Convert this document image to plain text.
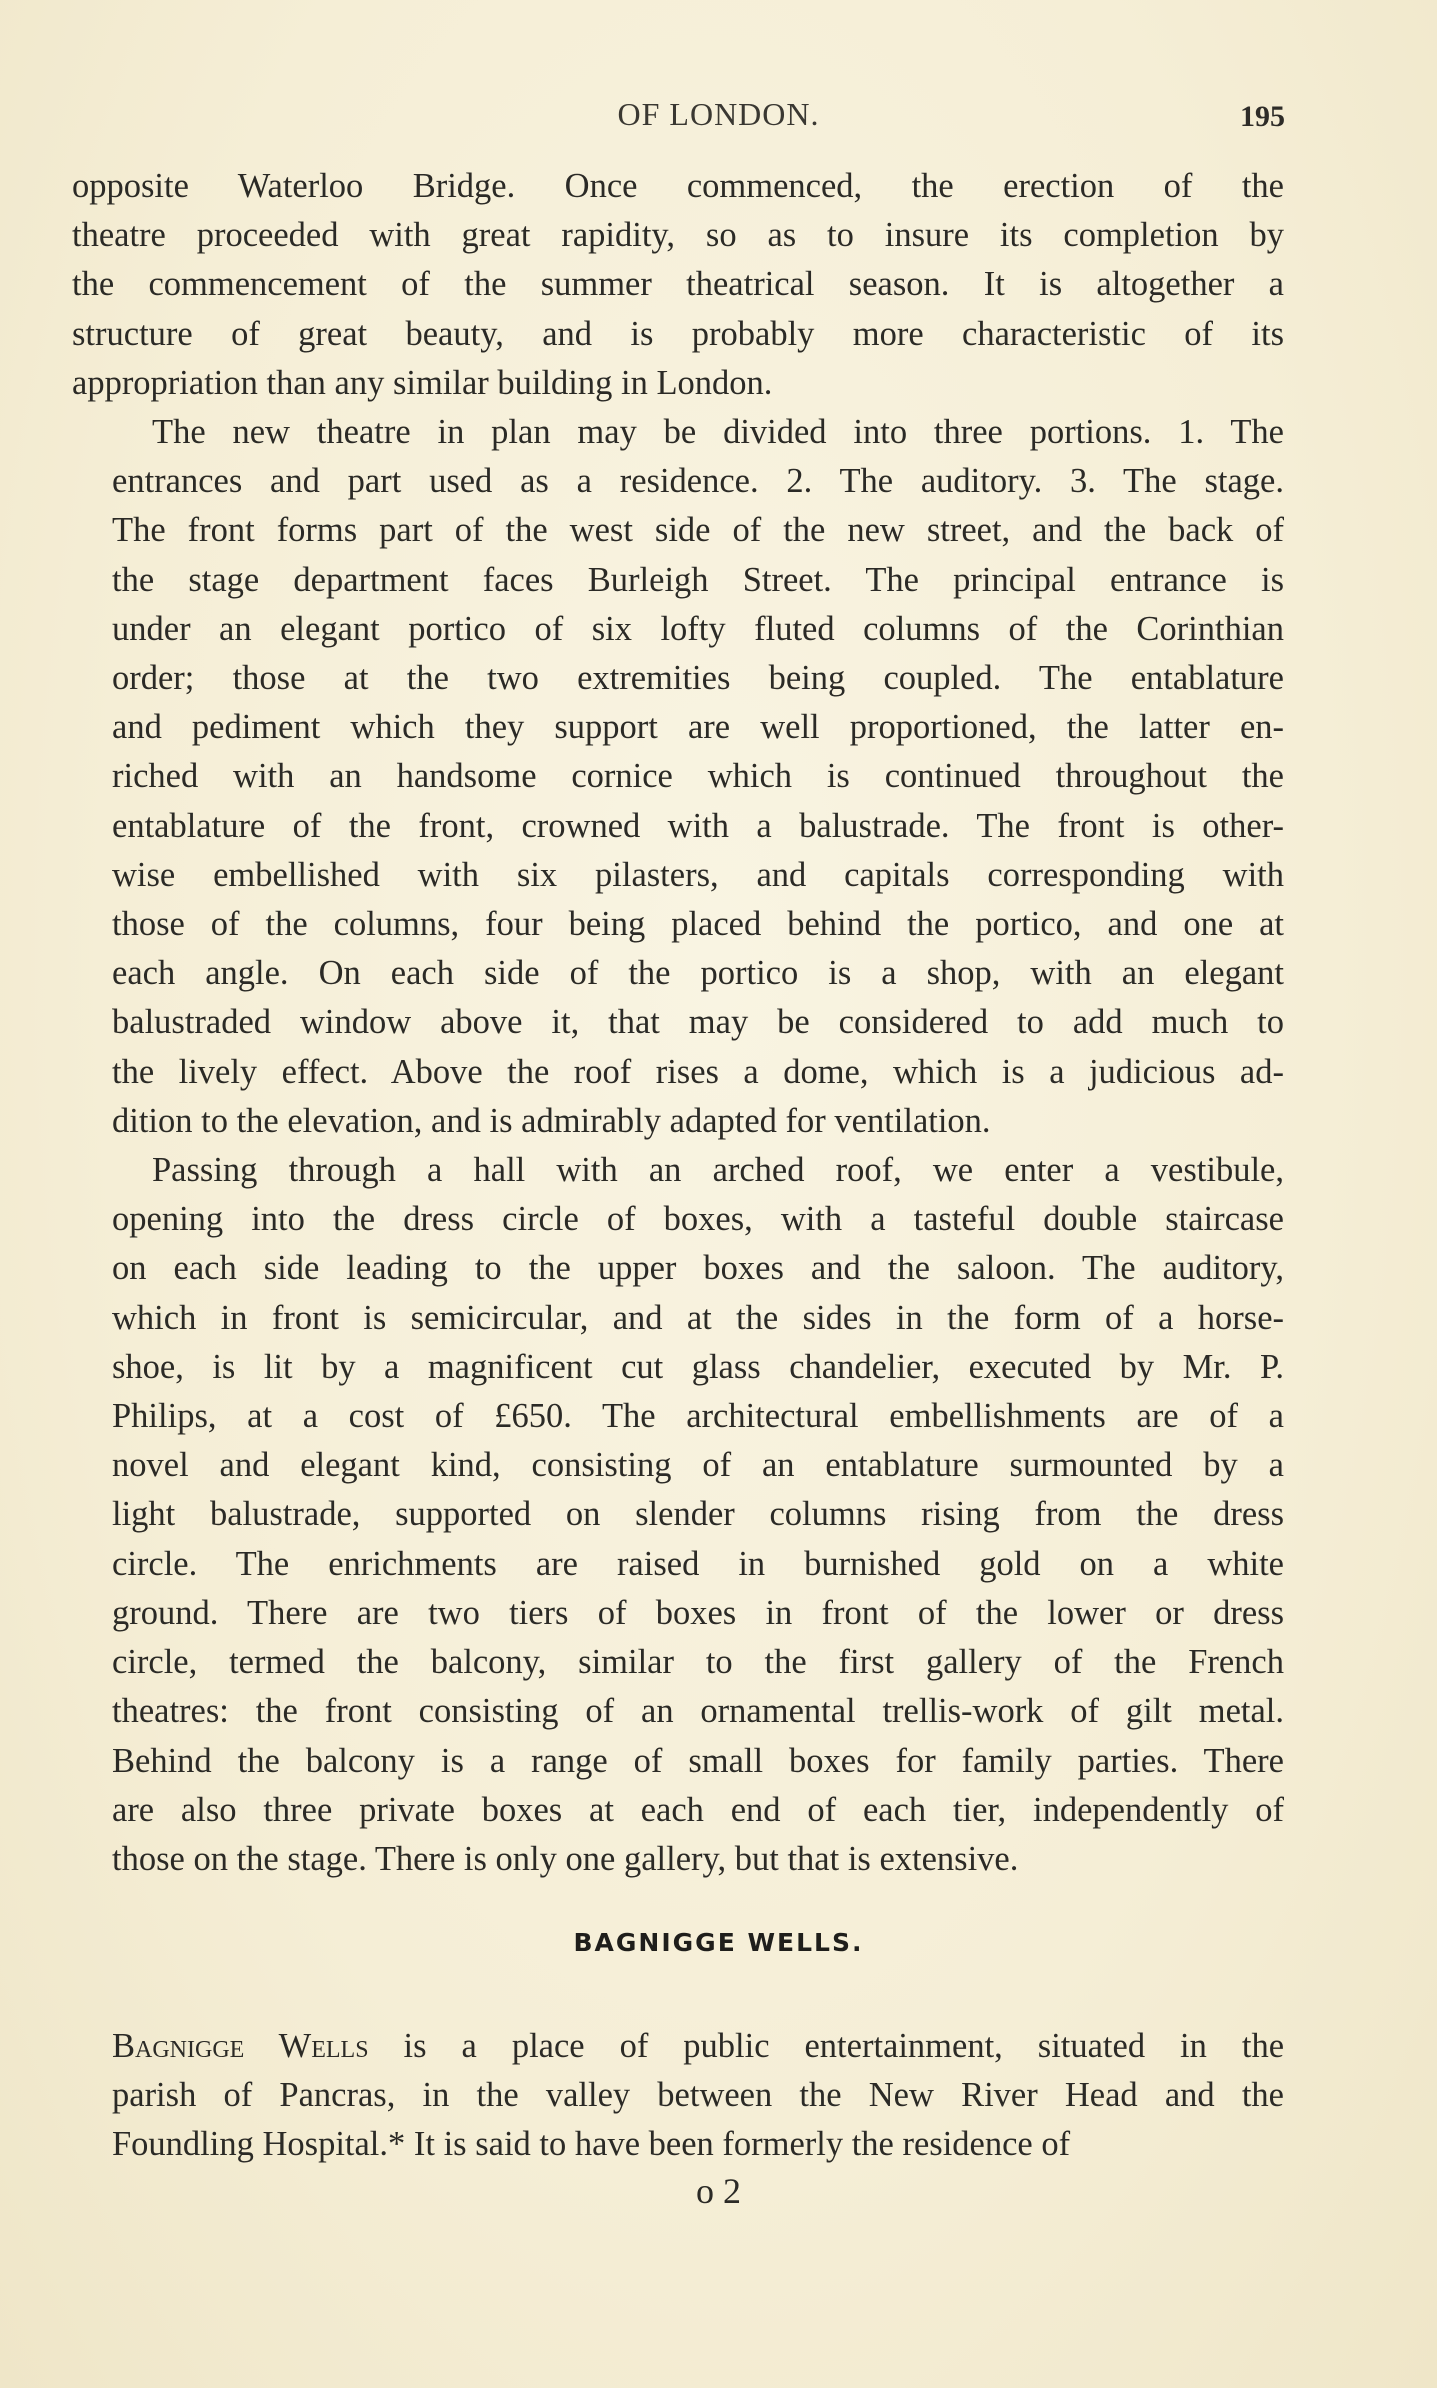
OF LONDON.	195

opposite Waterloo Bridge. Once commenced, the erection of the
theatre proceeded with great rapidity, so as to insure its completion by
the commencement of the summer theatrical season. It is altogether a
structure of great beauty, and is probably more characteristic of its
appropriation than any similar building in London.

The new theatre in plan may be divided into three portions. 1. The
entrances and part used as a residence. 2. The auditory. 3. The stage.
The front forms part of the west side of the new street, and the back of
the stage department faces Burleigh Street. The principal entrance is
under an elegant portico of six lofty fluted columns of the Corinthian
order; those at the two extremities being coupled. The entablature
and pediment which they support are well proportioned, the latter en-
riched with an handsome cornice which is continued throughout the
entablature of the front, crowned with a balustrade. The front is other-
wise embellished with six pilasters, and capitals corresponding with
those of the columns, four being placed behind the portico, and one at
each angle. On each side of the portico is a shop, with an elegant
balustraded window above it, that may be considered to add much to
the lively effect. Above the roof rises a dome, which is a judicious ad-
dition to the elevation, and is admirably adapted for ventilation.

Passing through a hall with an arched roof, we enter a vestibule,
opening into the dress circle of boxes, with a tasteful double staircase
on each side leading to the upper boxes and the saloon. The auditory,
which in front is semicircular, and at the sides in the form of a horse-
shoe, is lit by a magnificent cut glass chandelier, executed by Mr. P.
Philips, at a cost of £650. The architectural embellishments are of a
novel and elegant kind, consisting of an entablature surmounted by a
light balustrade, supported on slender columns rising from the dress
circle. The enrichments are raised in burnished gold on a white
ground. There are two tiers of boxes in front of the lower or dress
circle, termed the balcony, similar to the first gallery of the French
theatres: the front consisting of an ornamental trellis-work of gilt metal.
Behind the balcony is a range of small boxes for family parties. There
are also three private boxes at each end of each tier, independently of
those on the stage. There is only one gallery, but that is extensive.

BAGNIGGE WELLS.

Bagnigge Wells is a place of public entertainment, situated in the
parish of Pancras, in the valley between the New River Head and the
Foundling Hospital.* It is said to have been formerly the residence of

o 2
